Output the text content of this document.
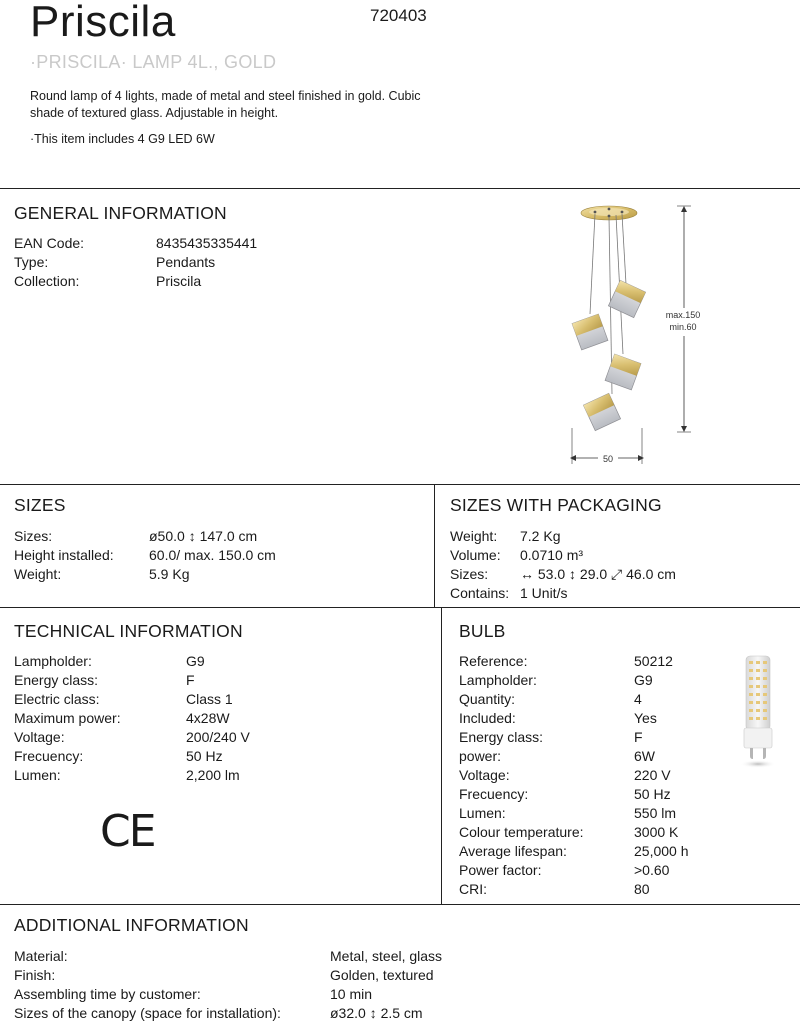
Priscila	720403
·PRISCILA· LAMP 4L., GOLD
Round lamp of 4 lights, made of metal and steel finished in gold. Cubic shade of textured glass. Adjustable in height.
·This item includes 4 G9 LED 6W
GENERAL INFORMATION
EAN Code:	8435435335441
Type:	Pendants
Collection:	Priscila
max.150
min.60
50
SIZES
Sizes:	ø50.0 ↕ 147.0 cm
Height installed:	60.0/ max. 150.0 cm
Weight:	5.9 Kg
SIZES WITH PACKAGING
Weight: 7.2 Kg
Volume: 0.0710 m³
Sizes: ↔ 53.0 ↕ 29.0 ⤢ 46.0 cm
Contains: 1 Unit/s
TECHNICAL INFORMATION
Lampholder:	G9
Energy class:	F
Electric class:	Class 1
Maximum power:	4x28W
Voltage:	200/240 V
Frecuency:	50 Hz
Lumen:	2,200 lm
CE
BULB
Reference:	50212
Lampholder:	G9
Quantity:	4
Included:	Yes
Energy class:	F
power:	6W
Voltage:	220 V
Frecuency:	50 Hz
Lumen:	550 lm
Colour temperature:	3000 K
Average lifespan:	25,000 h
Power factor:	>0.60
CRI:	80
ADDITIONAL INFORMATION
Material:	Metal, steel, glass
Finish:	Golden, textured
Assembling time by customer:	10 min
Sizes of the canopy (space for installation):	ø32.0 ↕ 2.5 cm
